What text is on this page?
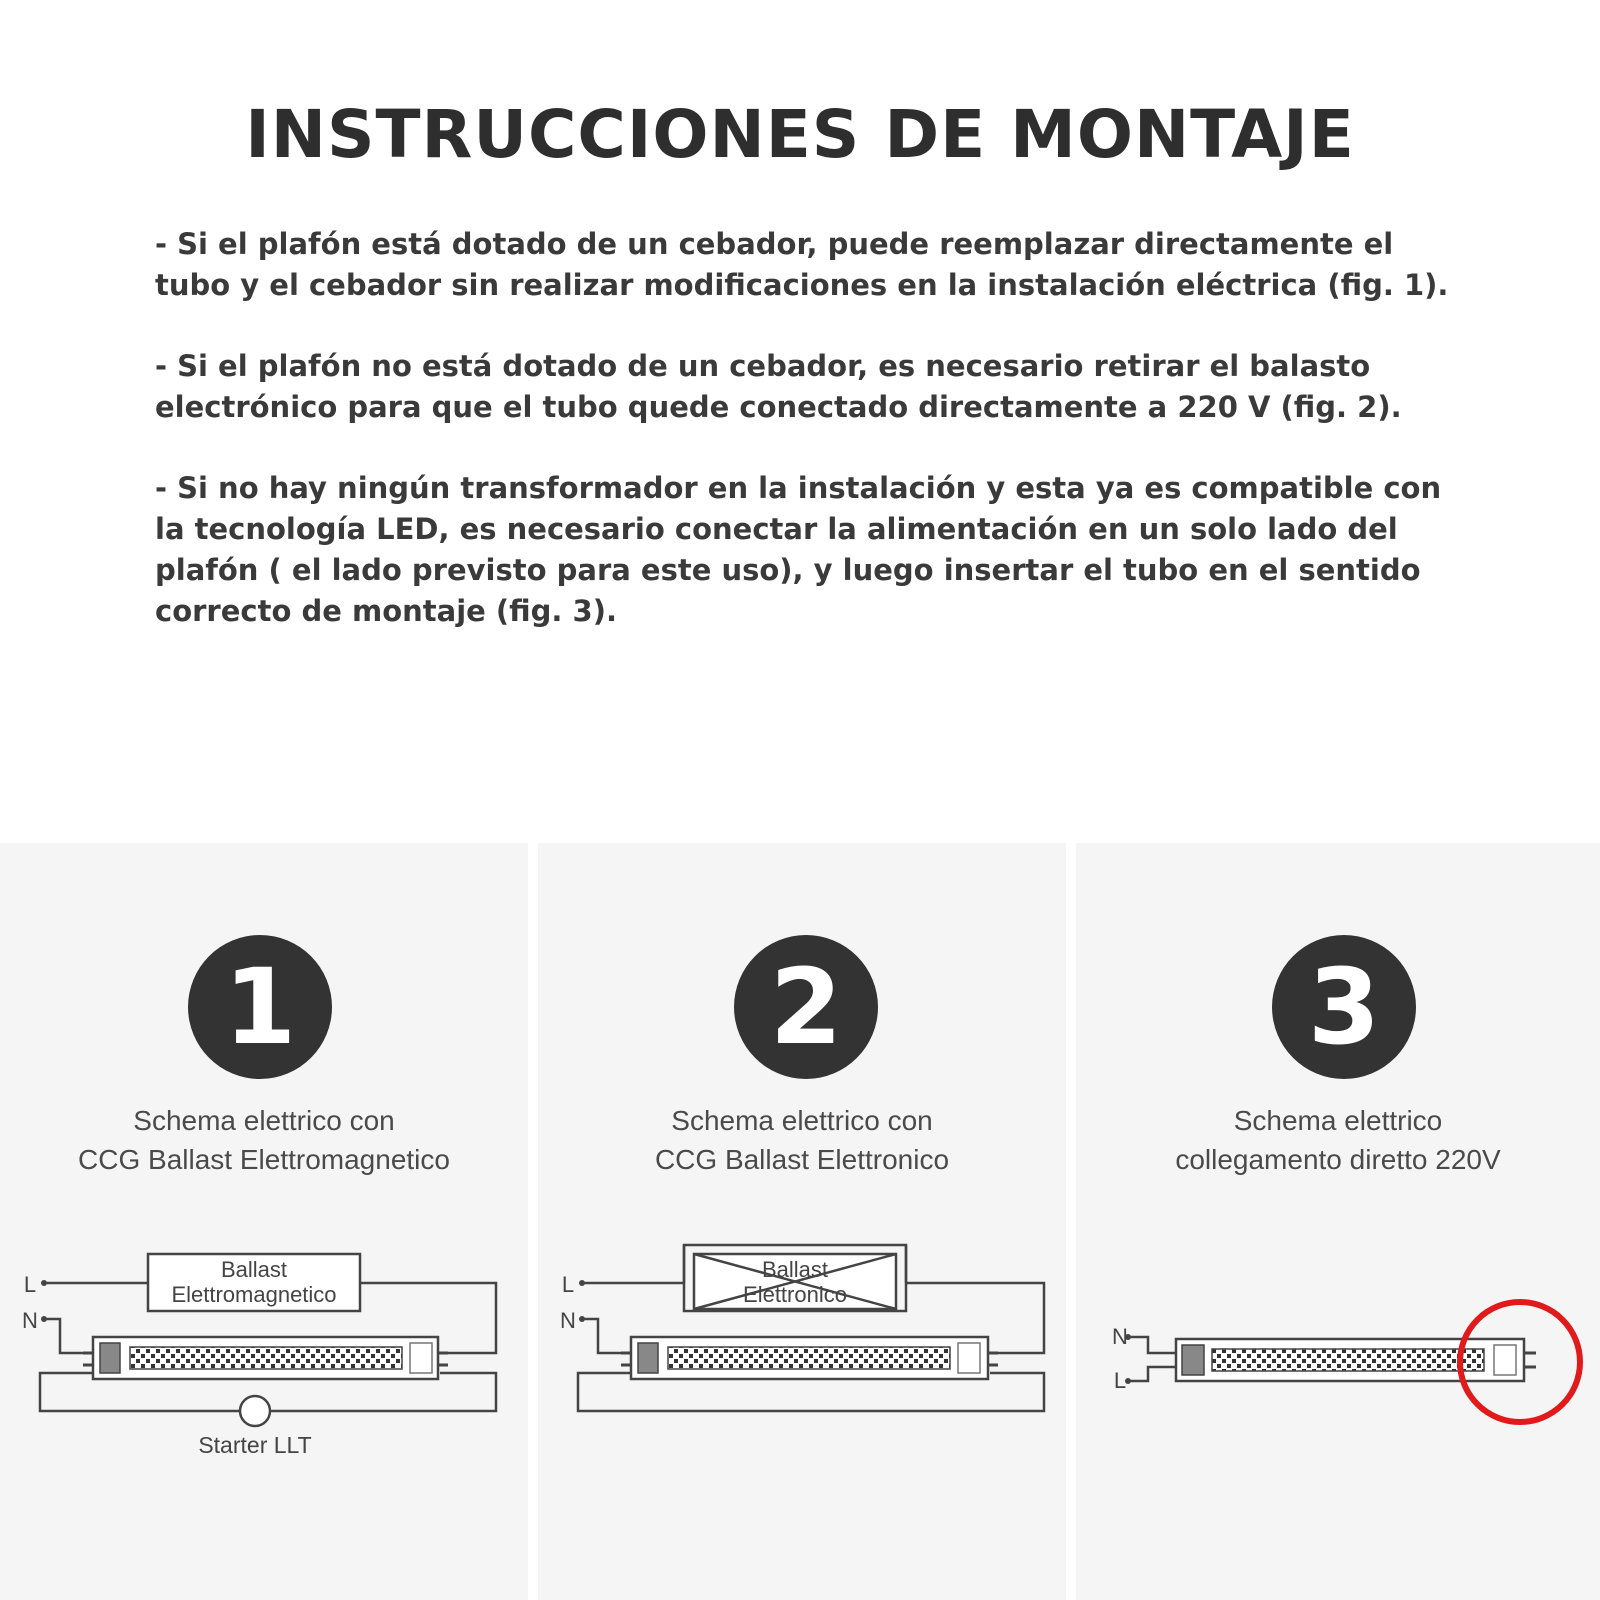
INSTRUCCIONES DE MONTAJE

- Si el plafón está dotado de un cebador, puede reemplazar directamente el tubo y el cebador sin realizar modificaciones en la instalación eléctrica (fig. 1).

- Si el plafón no está dotado de un cebador, es necesario retirar el balasto electrónico para que el tubo quede conectado directamente a 220 V (fig. 2).

- Si no hay ningún transformador en la instalación y esta ya es compatible con la tecnología LED, es necesario conectar la alimentación en un solo lado del plafón ( el lado previsto para este uso), y luego insertar el tubo en el sentido correcto de montaje (fig. 3).

1
Schema elettrico con
CCG Ballast Elettromagnetico
Ballast
Elettromagnetico
L
N
Starter LLT
2
Schema elettrico con
CCG Ballast Elettronico
Ballast
Elettronico
L
N
3
Schema elettrico
collegamento diretto 220V
N
L
